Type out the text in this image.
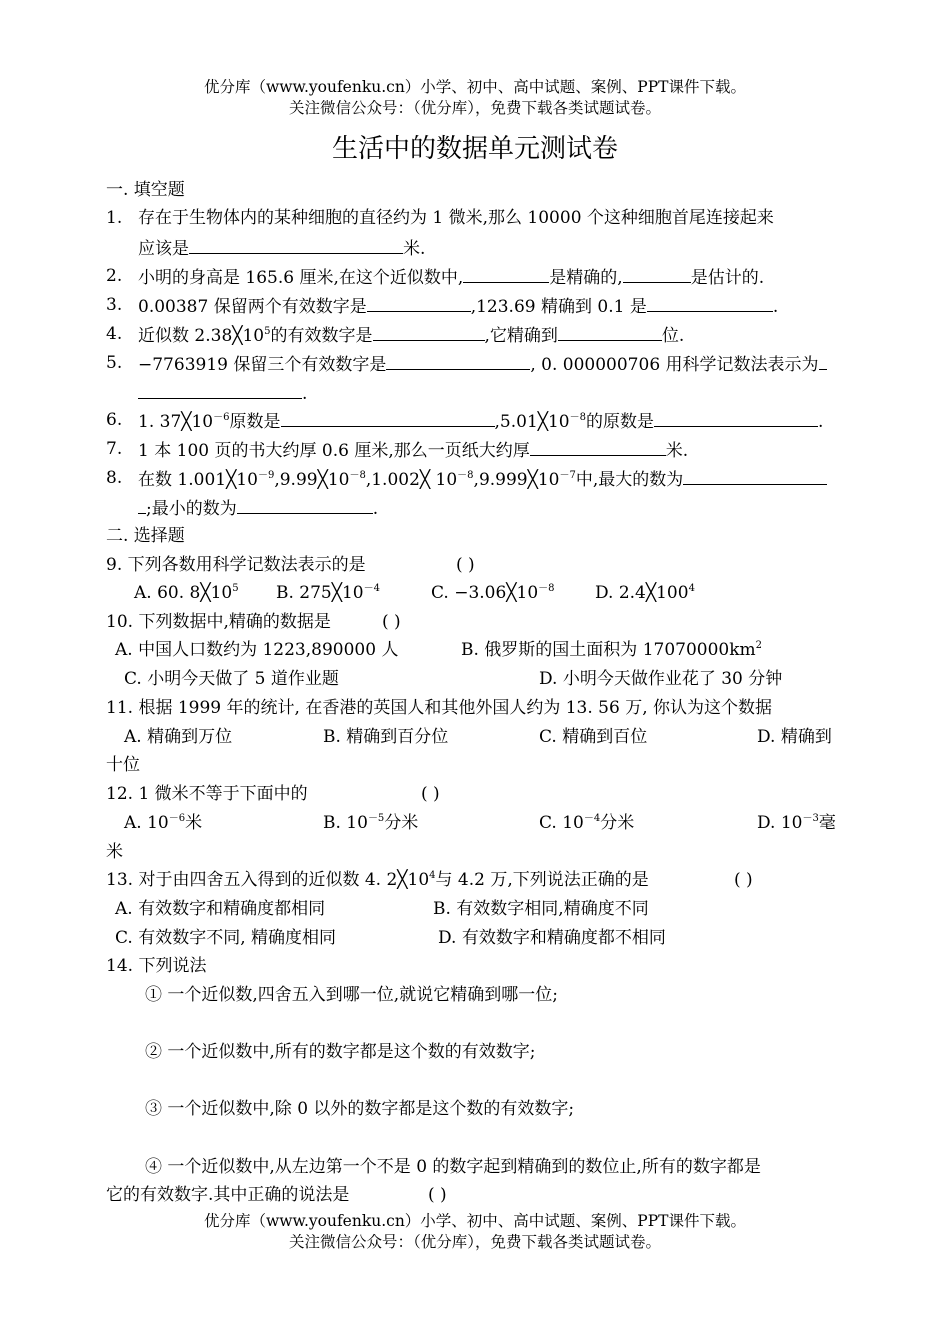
优分库（www.youfenku.cn）小学、初中、高中试题、案例、PPT课件下载。
关注微信公众号：（优分库），免费下载各类试题试卷。
生活中的数据单元测试卷
一. 填空题
1. 存在于生物体内的某种细胞的直径约为 1 微米,那么 10000 个这种细胞首尾连接起来
应该是	米.
2. 小明的身高是 165.6 厘米,在这个近似数中,	是精确的,	是估计的.
3. 0.00387 保留两个有效数字是	,123.69 精确到 0.1 是	.
4. 近似数 $2.38╳10^5$的有效数字是	,它精确到	位.
5. −7763919 保留三个有效数字是	, 0. 000000706 用科学记数法表示为
.
6. 1. $37╳10^{-6}$原数是	$,5.01╳10^{-8}$的原数是	.
7. 1 本 100 页的书大约厚 0.6 厘米,那么一页纸大约厚	米.
8. 在数 $1.001╳10^{-9},9.99╳10^{-8},1.002╳$ $10^{-8},9.999╳10^{-7}$中,最大的数为
;最小的数为	.
二. 选择题
9. 下列各数用科学记数法表示的是	( )
A. 60. $8╳10^5$ B. $275╳10^{-4}$	C. $-3.06╳10^{-8}$ D. $2.4╳100^4$
10. 下列数据中,精确的数据是	( )
A. 中国人口数约为 1223,890000 人	B. 俄罗斯的国土面积为 $17070000km^2$
C. 小明今天做了 5 道作业题	D. 小明今天做作业花了 30 分钟
11. 根据 1999 年的统计, 在香港的英国人和其他外国人约为 13. 56 万, 你认为这个数据
A. 精确到万位	B. 精确到百分位	C. 精确到百位	D. 精确到
十位
12. 1 微米不等于下面中的	( )
A. $10^{-6}$米	B. $10^{-5}$分米	C. $10^{-4}$分米	D. $10^{-3}$毫
米
13. 对于由四舍五入得到的近似数 4. $2╳10^4$与 4.2 万,下列说法正确的是	( )
A. 有效数字和精确度都相同	B. 有效数字相同,精确度不同
C. 有效数字不同, 精确度相同	D. 有效数字和精确度都不相同
14. 下列说法
① 一个近似数,四舍五入到哪一位,就说它精确到哪一位;
② 一个近似数中,所有的数字都是这个数的有效数字;
③ 一个近似数中,除 0 以外的数字都是这个数的有效数字;
④ 一个近似数中,从左边第一个不是 0 的数字起到精确到的数位止,所有的数字都是
它的有效数字.其中正确的说法是	( )
优分库（www.youfenku.cn）小学、初中、高中试题、案例、PPT课件下载。
关注微信公众号：（优分库），免费下载各类试题试卷。
